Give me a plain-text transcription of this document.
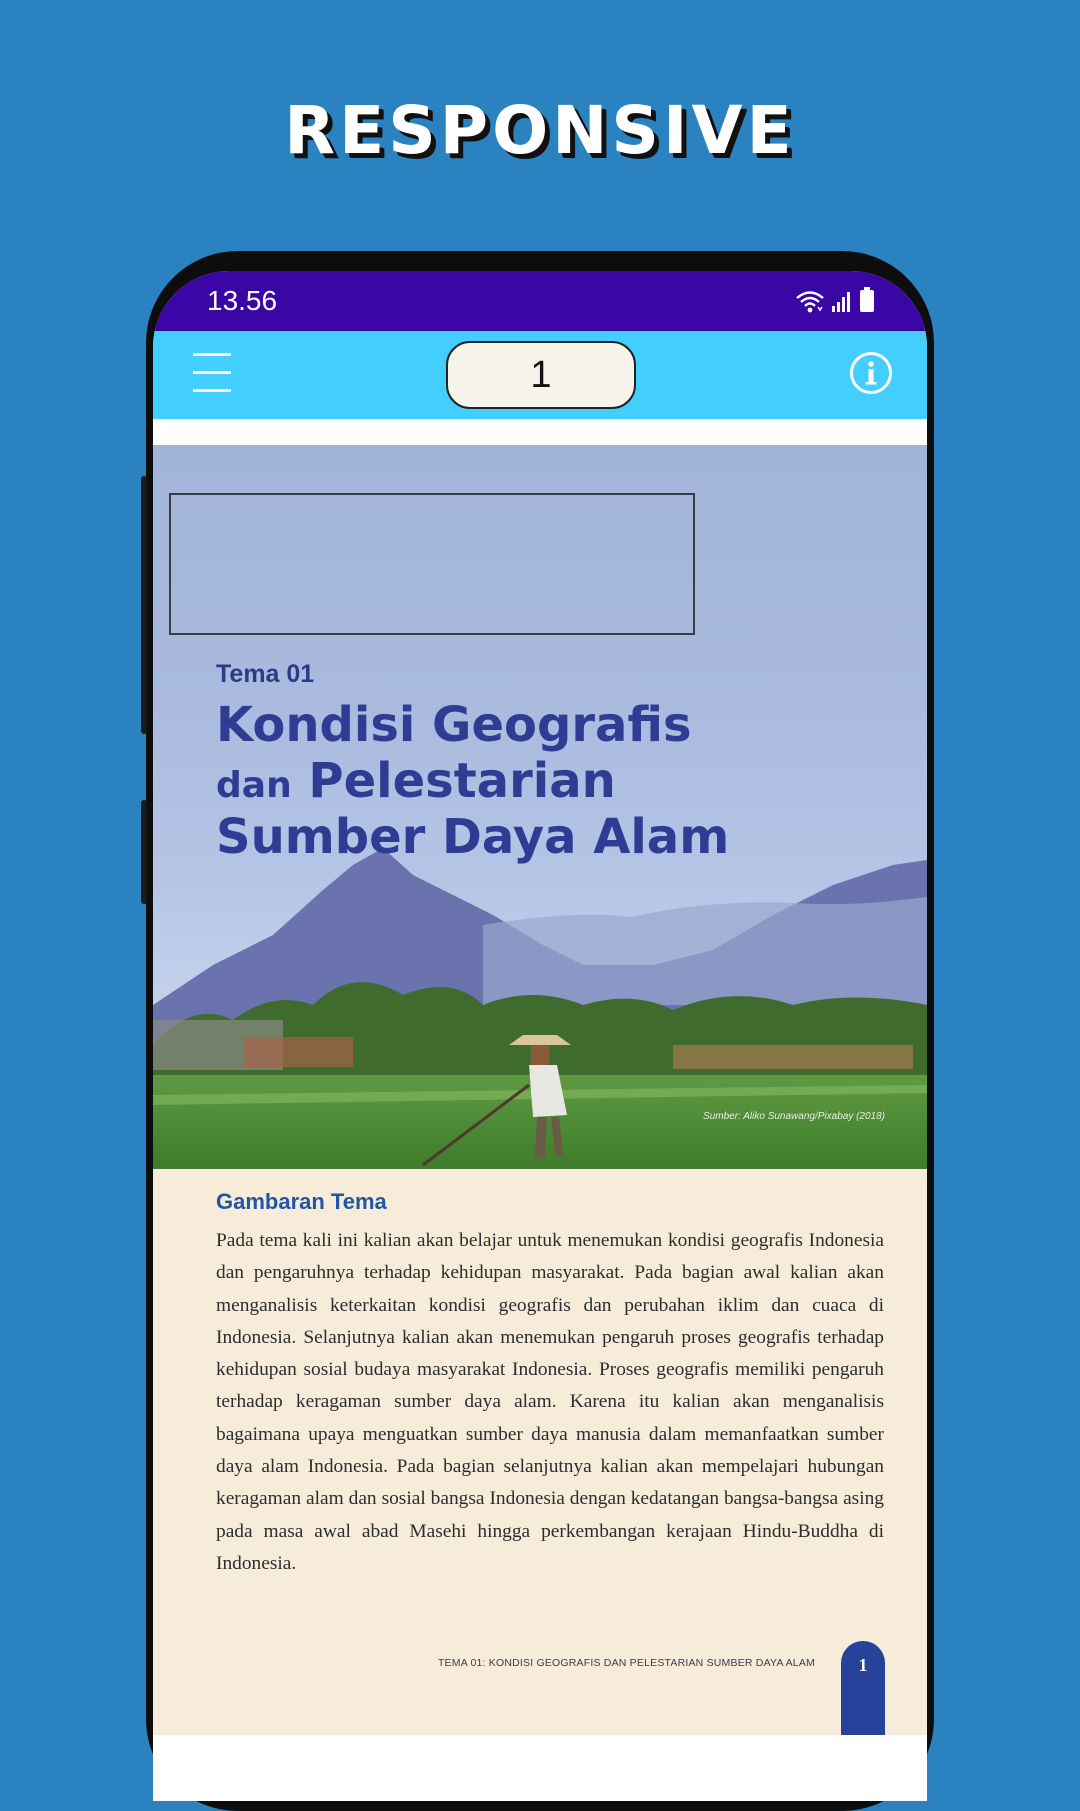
RESPONSIVE
13.56
1
Tema 01
Kondisi Geografis
dan Pelestarian
Sumber Daya Alam
Sumber: Aliko Sunawang/Pixabay (2018)
Gambaran Tema
Pada tema kali ini kalian akan belajar untuk menemukan kondisi geografis Indonesia dan pengaruhnya terhadap kehidupan masyarakat. Pada bagian awal kalian akan menganalisis keterkaitan kondisi geografis dan perubahan iklim dan cuaca di Indonesia. Selanjutnya kalian akan menemukan pengaruh proses geografis terhadap kehidupan sosial budaya masyarakat Indonesia. Proses geografis memiliki pengaruh terhadap keragaman sumber daya alam. Karena itu kalian akan menganalisis bagaimana upaya menguatkan sumber daya manusia dalam memanfaatkan sumber daya alam Indonesia. Pada bagian selanjutnya kalian akan mempelajari hubungan keragaman alam dan sosial bangsa Indonesia dengan kedatangan bangsa-bangsa asing pada masa awal abad Masehi hingga perkembangan kerajaan Hindu-Buddha di Indonesia.
TEMA 01: KONDISI GEOGRAFIS DAN PELESTARIAN SUMBER DAYA ALAM	1
